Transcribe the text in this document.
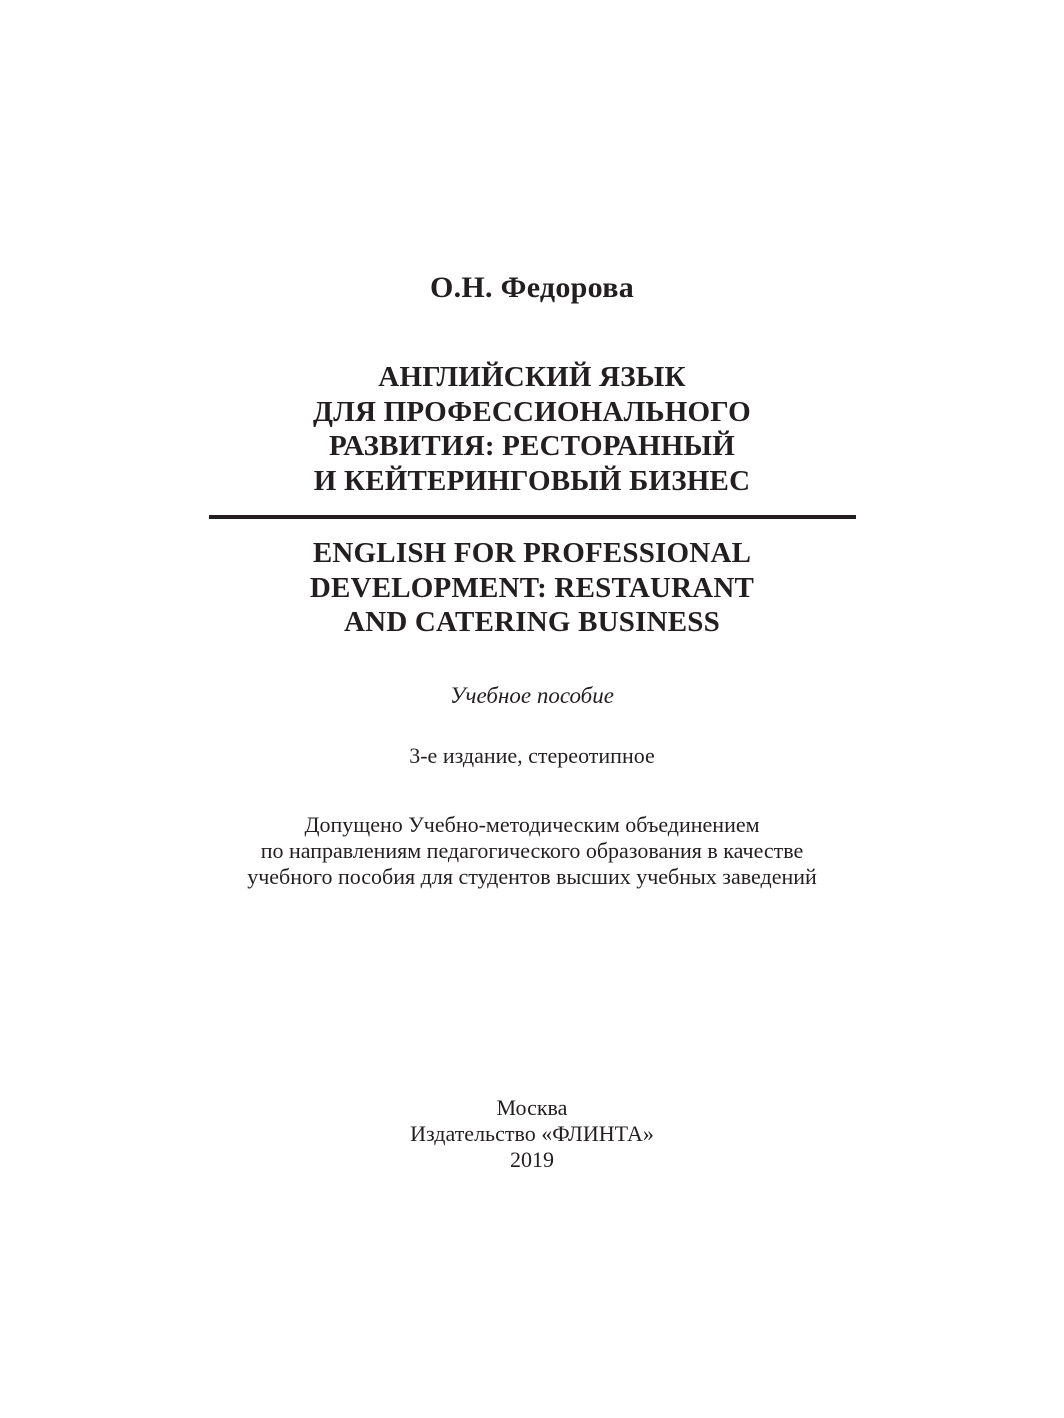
О.Н. Федорова
АНГЛИЙСКИЙ ЯЗЫК
ДЛЯ ПРОФЕССИОНАЛЬНОГО
РАЗВИТИЯ: РЕСТОРАННЫЙ
И КЕЙТЕРИНГОВЫЙ БИЗНЕС
ENGLISH FOR PROFESSIONAL
DEVELOPMENT: RESTAURANT
AND CATERING BUSINESS
Учебное пособие
3-е издание, стереотипное
Допущено Учебно-методическим объединением
по направлениям педагогического образования в качестве
учебного пособия для студентов высших учебных заведений
Москва
Издательство «ФЛИНТА»
2019
